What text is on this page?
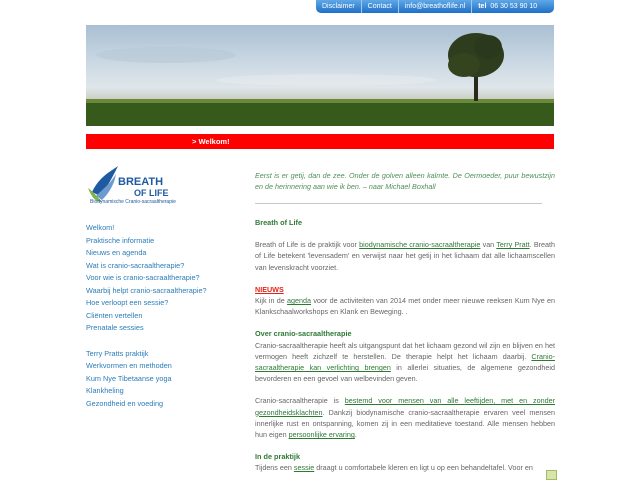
Disclaimer	Contact	info@breathoflife.nl	tel 06 30 53 90 10
> Welkom!
BREATH
OF LIFE
Biodynamische Cranio-sacraaltherapie
Welkom!
Praktische informatie
Nieuws en agenda
Wat is cranio-sacraaltherapie?
Voor wie is cranio-sacraaltherapie?
Waarbij helpt cranio-sacraaltherapie?
Hoe verloopt een sessie?
Cliënten vertellen
Prenatale sessies
Terry Pratts praktijk
Werkvormen en methoden
Kum Nye Tibetaanse yoga
Klankheling
Gezondheid en voeding
Eerst is er getij, dan de zee. Onder de golven alleen kalmte. De Oermoeder, puur bewustzijn en de herinnering aan wie ik ben. – naar Michael Boxhall
Breath of Life

Breath of Life is de praktijk voor biodynamische cranio-sacraaltherapie van Terry Pratt. Breath of Life betekent 'levensadem' en verwijst naar het getij in het lichaam dat alle lichaamscellen van levenskracht voorziet.

NIEUWS

Kijk in de agenda voor de activiteiten van 2014 met onder meer nieuwe reeksen Kum Nye en Klankschaalworkshops en Klank en Beweging. .

Over cranio-sacraaltherapie

Cranio-sacraaltherapie heeft als uitgangspunt dat het lichaam gezond wil zijn en blijven en het vermogen heeft zichzelf te herstellen. De therapie helpt het lichaam daarbij. Cranio-sacraaltherapie kan verlichting brengen in allerlei situaties, de algemene gezondheid bevorderen en een gevoel van welbevinden geven.

Cranio-sacraaltherapie is bestemd voor mensen van alle leeftijden, met en zonder gezondheidsklachten. Dankzij biodynamische cranio-sacraaltherapie ervaren veel mensen innerlijke rust en ontspanning, komen zij in een meditatieve toestand. Alle mensen hebben hun eigen persoonlijke ervaring.

In de praktijk

Tijdens een sessie draagt u comfortabele kleren en ligt u op een behandeltafel. Voor en
